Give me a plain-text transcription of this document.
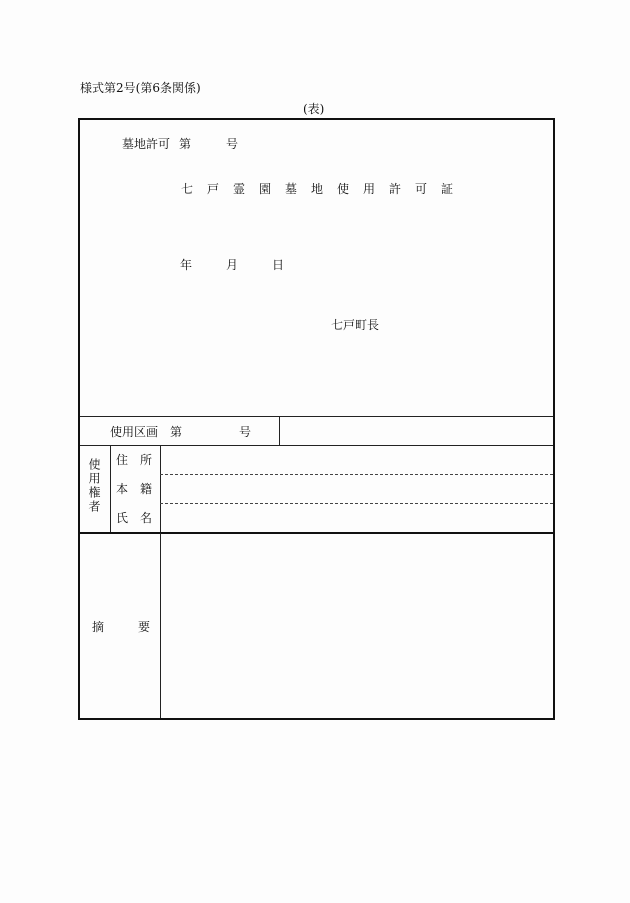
様式第2号(第6条関係)
(表)
墓地許可 第	号
七戸霊園墓地使用許可証
年	月	日
七戸町長
使用区画 第	号
使用権者 住　所
本　籍
氏　名
摘	要
